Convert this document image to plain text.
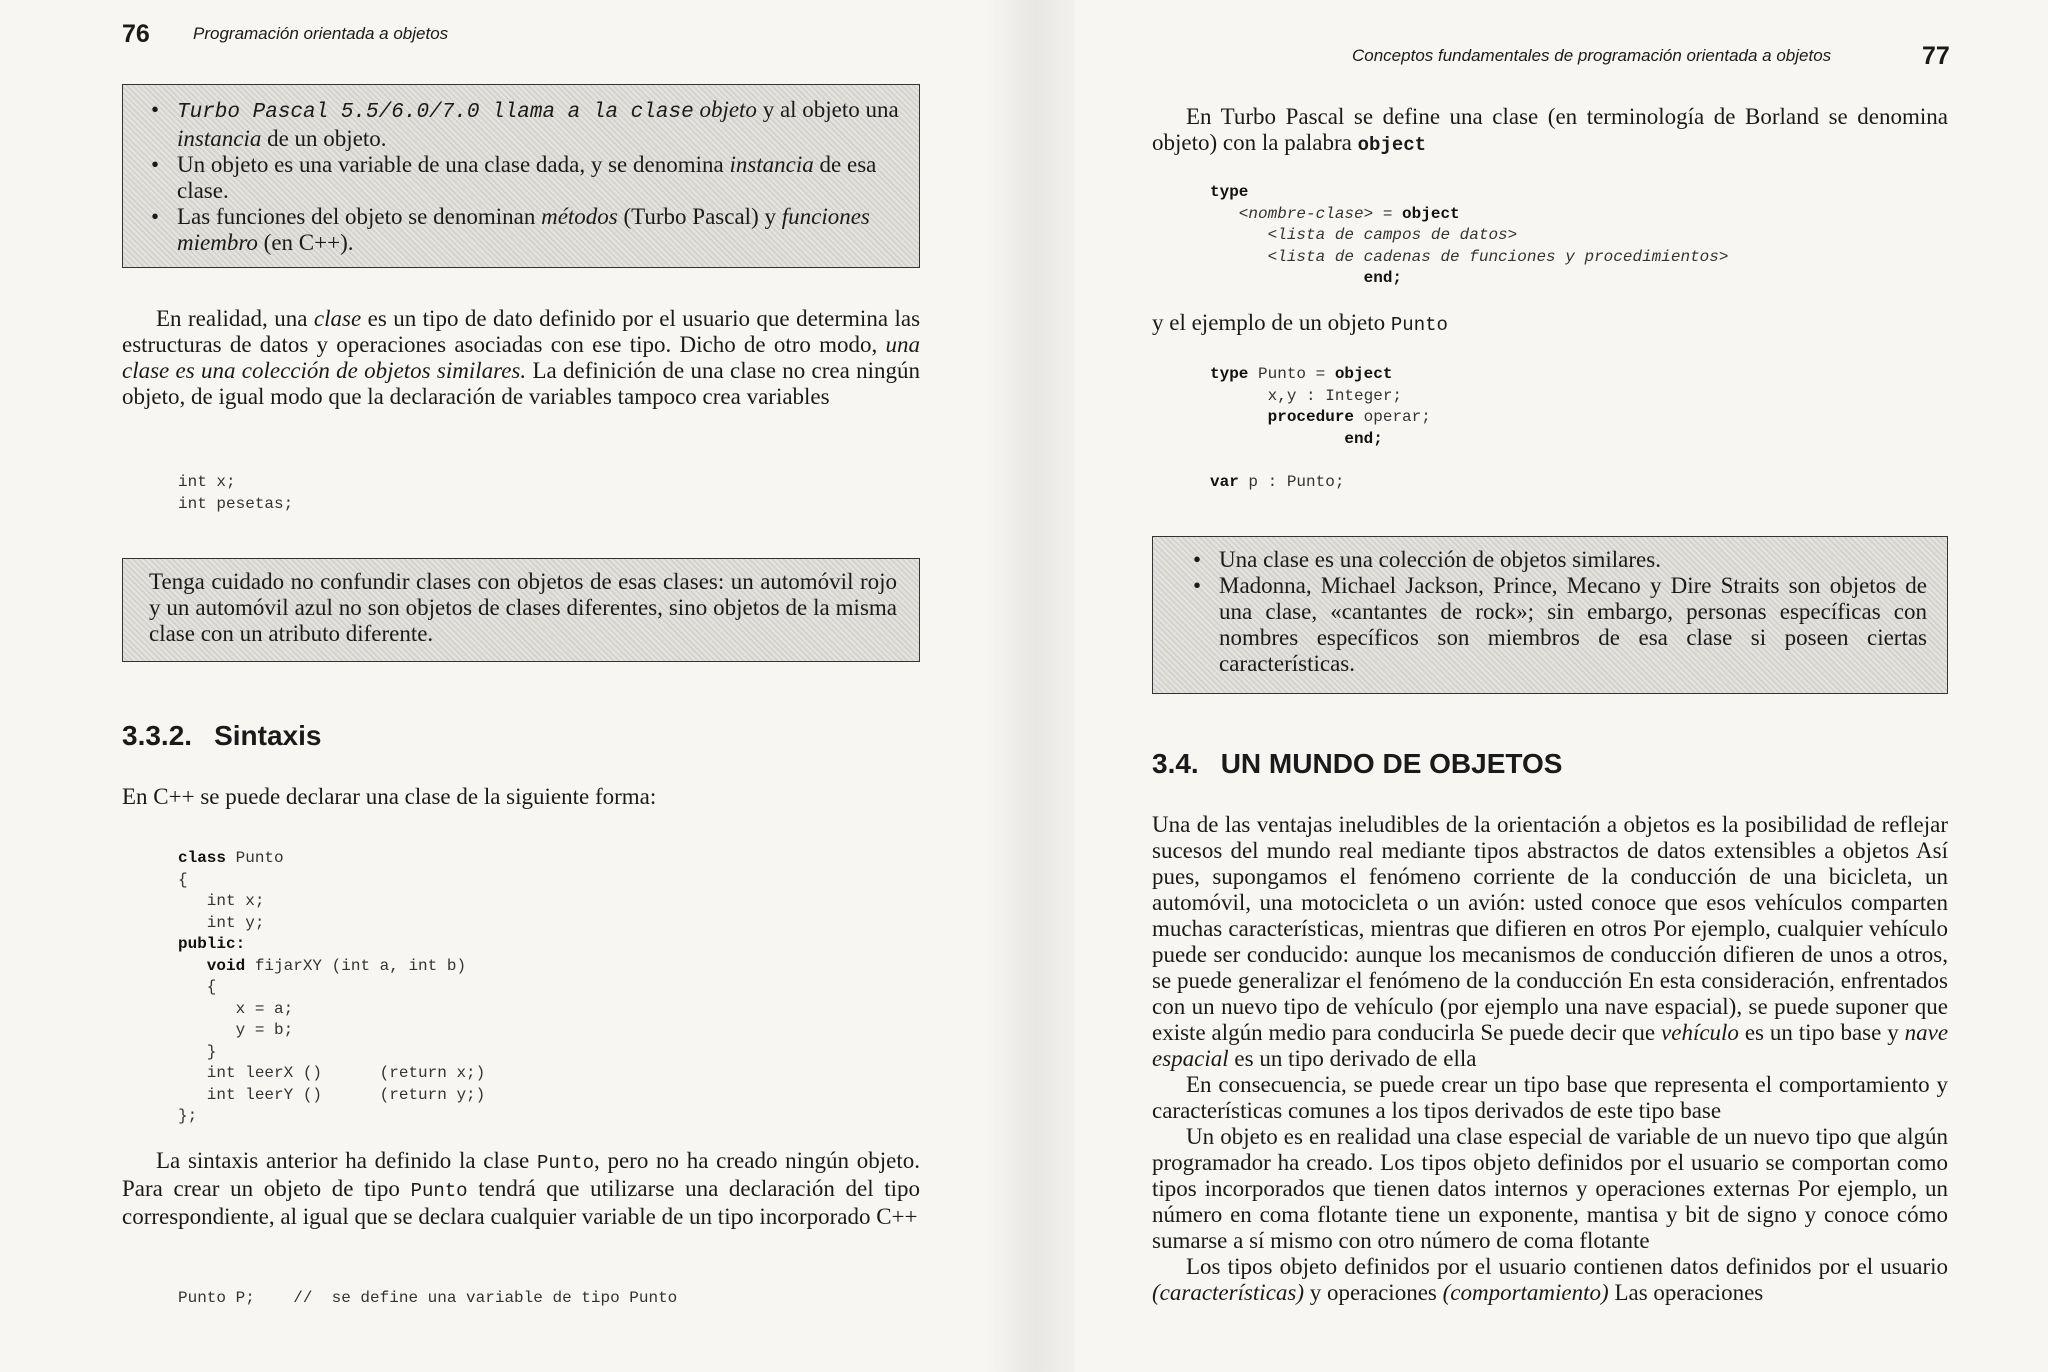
76	Programación orientada a objetos
• Turbo Pascal 5.5/6.0/7.0 llama a la clase objeto y al objeto una instancia de un objeto.
• Un objeto es una variable de una clase dada, y se denomina instancia de esa clase.
• Las funciones del objeto se denominan métodos (Turbo Pascal) y funciones miembro (en C++).

En realidad, una clase es un tipo de dato definido por el usuario que determina las estructuras de datos y operaciones asociadas con ese tipo. Dicho de otro modo, una clase es una colección de objetos similares. La definición de una clase no crea ningún objeto, de igual modo que la declaración de variables tampoco crea variables

int x;
int pesetas;
Tenga cuidado no confundir clases con objetos de esas clases: un automóvil rojo y un automóvil azul no son objetos de clases diferentes, sino objetos de la misma clase con un atributo diferente.
3.3.2. Sintaxis

En C++ se puede declarar una clase de la siguiente forma:

class Punto
{
int x;
int y;
public:
void fijarXY (int a, int b)
{
x = a;
y = b;
}
int leerX ()      (return x;)
int leerY ()      (return y;)
};

La sintaxis anterior ha definido la clase Punto, pero no ha creado ningún objeto. Para crear un objeto de tipo Punto tendrá que utilizarse una declaración del tipo correspondiente, al igual que se declara cualquier variable de un tipo incorporado C++

Punto P;    //  se define una variable de tipo Punto
Conceptos fundamentales de programación orientada a objetos	77

En Turbo Pascal se define una clase (en terminología de Borland se denomina objeto) con la palabra object

type
<nombre-clase> = object
<lista de campos de datos>
<lista de cadenas de funciones y procedimientos>
end;

y el ejemplo de un objeto Punto

type Punto = object
x,y : Integer;
procedure operar;
end;

var p : Punto;
• Una clase es una colección de objetos similares.
• Madonna, Michael Jackson, Prince, Mecano y Dire Straits son objetos de una clase, «cantantes de rock»; sin embargo, personas específicas con nombres específicos son miembros de esa clase si poseen ciertas características.
3.4. UN MUNDO DE OBJETOS

Una de las ventajas ineludibles de la orientación a objetos es la posibilidad de reflejar sucesos del mundo real mediante tipos abstractos de datos extensibles a objetos Así pues, supongamos el fenómeno corriente de la conducción de una bicicleta, un automóvil, una motocicleta o un avión: usted conoce que esos vehículos comparten muchas características, mientras que difieren en otros Por ejemplo, cualquier vehículo puede ser conducido: aunque los mecanismos de conducción difieren de unos a otros, se puede generalizar el fenómeno de la conducción En esta consideración, enfrentados con un nuevo tipo de vehículo (por ejemplo una nave espacial), se puede suponer que existe algún medio para conducirla Se puede decir que vehículo es un tipo base y nave espacial es un tipo derivado de ella

En consecuencia, se puede crear un tipo base que representa el comportamiento y características comunes a los tipos derivados de este tipo base

Un objeto es en realidad una clase especial de variable de un nuevo tipo que algún programador ha creado. Los tipos objeto definidos por el usuario se comportan como tipos incorporados que tienen datos internos y operaciones externas Por ejemplo, un número en coma flotante tiene un exponente, mantisa y bit de signo y conoce cómo sumarse a sí mismo con otro número de coma flotante

Los tipos objeto definidos por el usuario contienen datos definidos por el usuario (características) y operaciones (comportamiento) Las operaciones
